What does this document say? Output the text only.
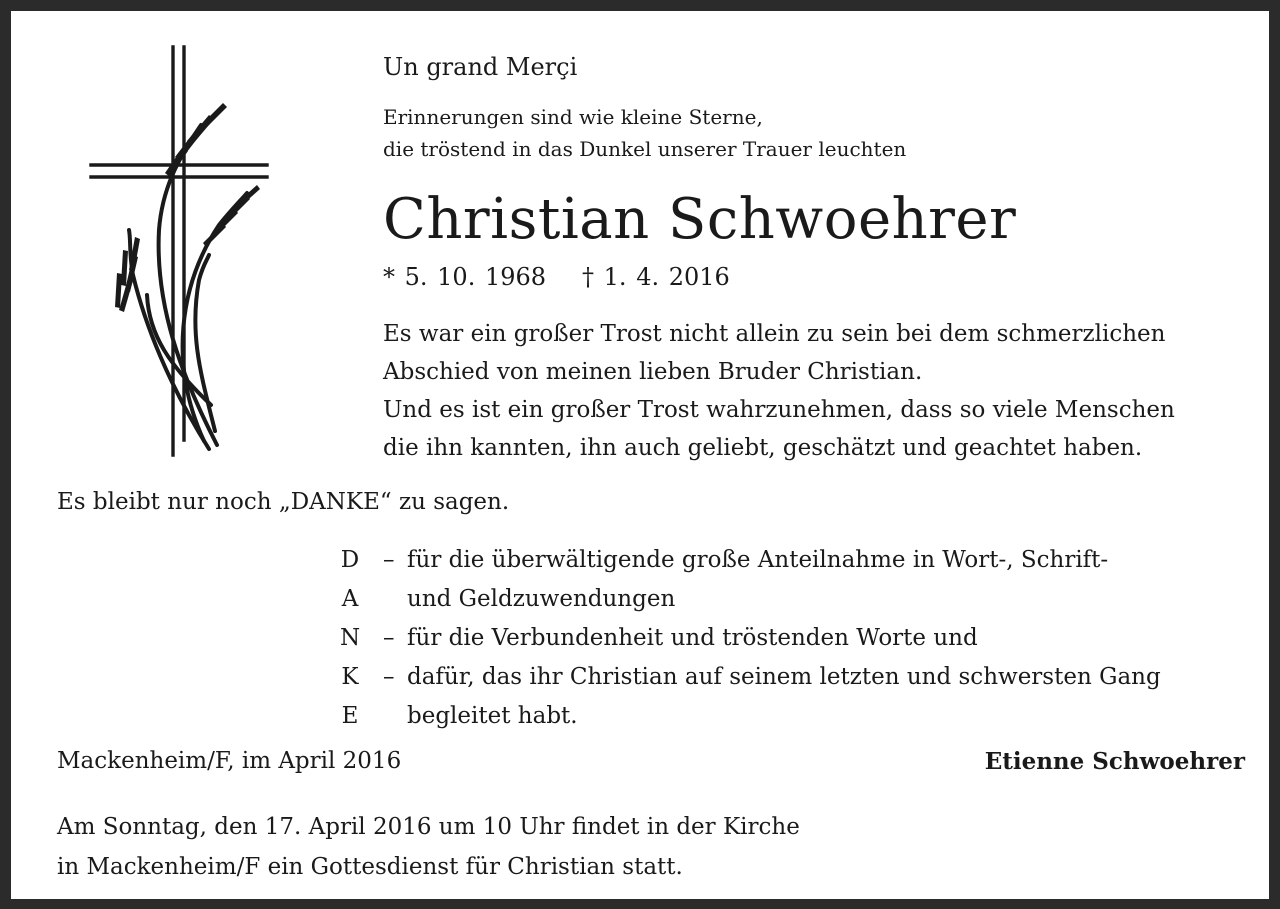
Un grand Merçi
Erinnerungen sind wie kleine Sterne,
die tröstend in das Dunkel unserer Trauer leuchten
Christian Schwoehrer
* 5. 10. 1968 † 1. 4. 2016
Es war ein großer Trost nicht allein zu sein bei dem schmerzlichen
Abschied von meinen lieben Bruder Christian.
Und es ist ein großer Trost wahrzunehmen, dass so viele Menschen
die ihn kannten, ihn auch geliebt, geschätzt und geachtet haben.
Es bleibt nur noch „DANKE“ zu sagen.
D
A
N
K
E
– für die überwältigende große Anteilnahme in Wort-, Schrift-
und Geldzuwendungen
– für die Verbundenheit und tröstenden Worte und
– dafür, das ihr Christian auf seinem letzten und schwersten Gang
begleitet habt.
Mackenheim/F, im April 2016	Etienne Schwoehrer
Am Sonntag, den 17. April 2016 um 10 Uhr findet in der Kirche
in Mackenheim/F ein Gottesdienst für Christian statt.
